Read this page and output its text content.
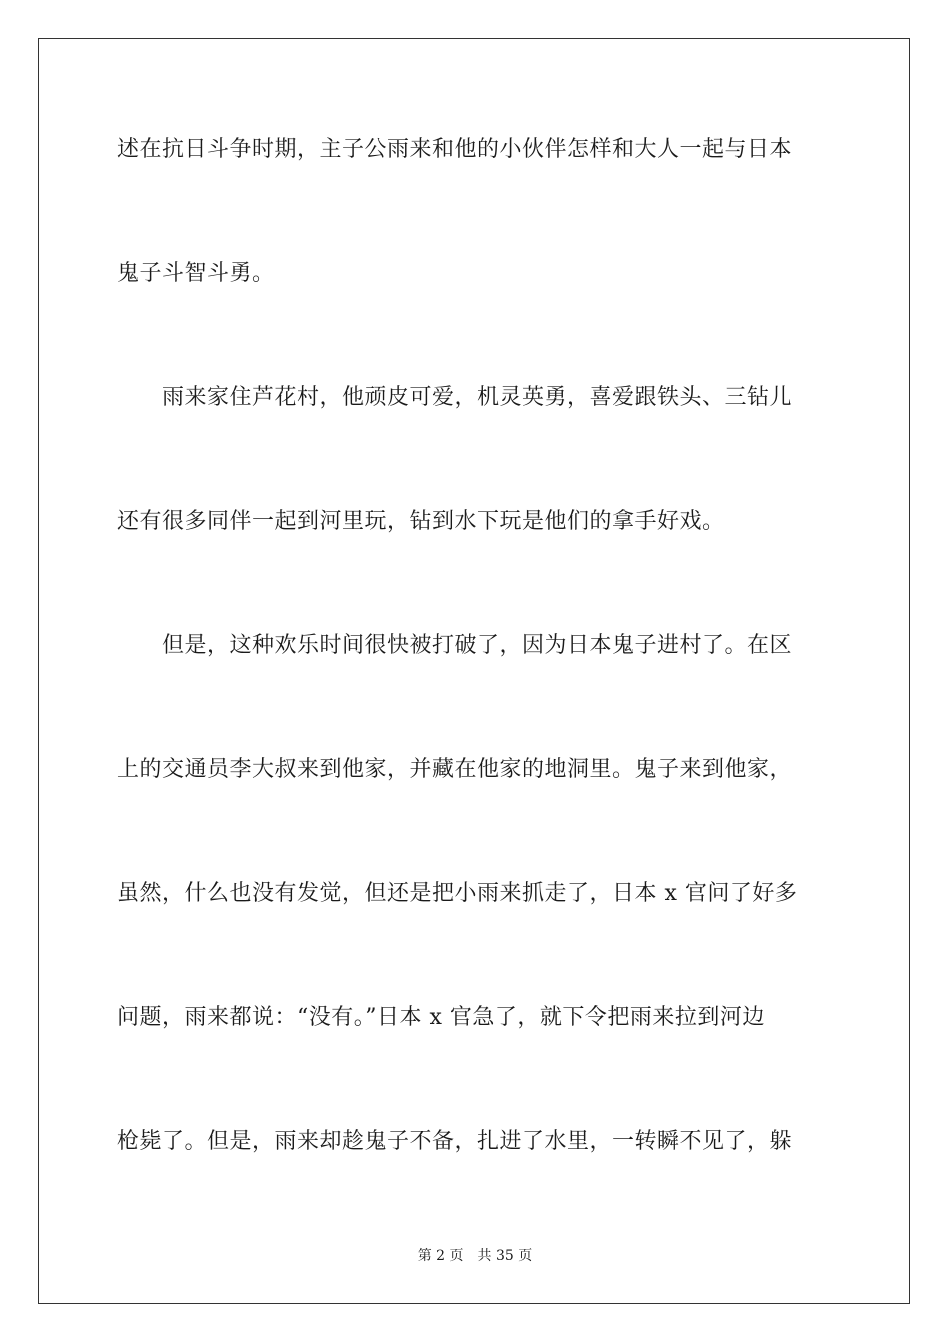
述在抗日斗争时期，主子公雨来和他的小伙伴怎样和大人一起与日本
鬼子斗智斗勇。
　　雨来家住芦花村，他顽皮可爱，机灵英勇，喜爱跟铁头、三钻儿
还有很多同伴一起到河里玩，钻到水下玩是他们的拿手好戏。
　　但是，这种欢乐时间很快被打破了，因为日本鬼子进村了。在区
上的交通员李大叔来到他家，并藏在他家的地洞里。鬼子来到他家，
虽然，什么也没有发觉，但还是把小雨来抓走了，日本 x 官问了好多
问题，雨来都说：“没有。”日本 x 官急了，就下令把雨来拉到河边
枪毙了。但是，雨来却趁鬼子不备，扎进了水里，一转瞬不见了，躲
第 2 页 共 35 页
